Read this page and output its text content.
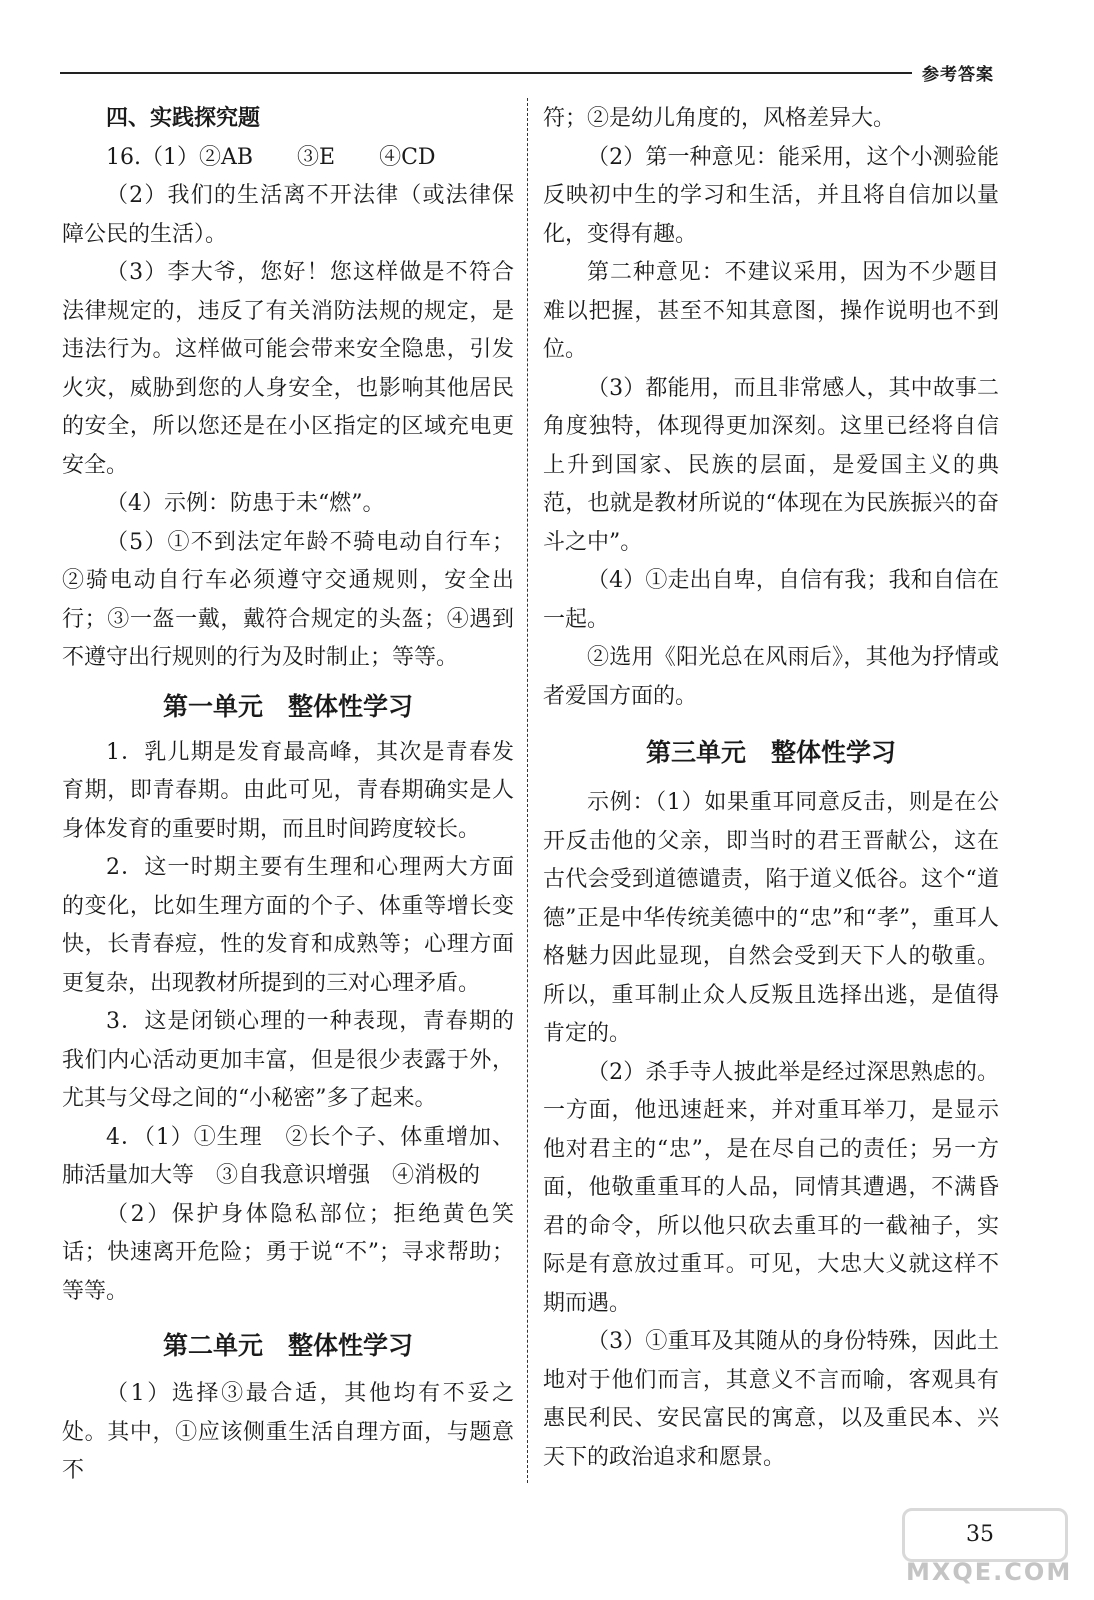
参考答案

四、实践探究题

16.（1）②AB　　③E　　④CD

（2）我们的生活离不开法律（或法律保障公民的生活）。

（3）李大爷，您好！您这样做是不符合法律规定的，违反了有关消防法规的规定，是违法行为。这样做可能会带来安全隐患，引发火灾，威胁到您的人身安全，也影响其他居民的安全，所以您还是在小区指定的区域充电更安全。

（4）示例：防患于未“燃”。

（5）①不到法定年龄不骑电动自行车；②骑电动自行车必须遵守交通规则，安全出行；③一盔一戴，戴符合规定的头盔；④遇到不遵守出行规则的行为及时制止；等等。

第一单元　整体性学习

1．乳儿期是发育最高峰，其次是青春发育期，即青春期。由此可见，青春期确实是人身体发育的重要时期，而且时间跨度较长。

2．这一时期主要有生理和心理两大方面的变化，比如生理方面的个子、体重等增长变快，长青春痘，性的发育和成熟等；心理方面更复杂，出现教材所提到的三对心理矛盾。

3．这是闭锁心理的一种表现，青春期的我们内心活动更加丰富，但是很少表露于外，尤其与父母之间的“小秘密”多了起来。

4．（1）①生理　②长个子、体重增加、肺活量加大等　③自我意识增强　④消极的

（2）保护身体隐私部位；拒绝黄色笑话；快速离开危险；勇于说“不”；寻求帮助；等等。

第二单元　整体性学习

（1）选择③最合适，其他均有不妥之处。其中，①应该侧重生活自理方面，与题意不

符；②是幼儿角度的，风格差异大。

（2）第一种意见：能采用，这个小测验能反映初中生的学习和生活，并且将自信加以量化，变得有趣。

第二种意见：不建议采用，因为不少题目难以把握，甚至不知其意图，操作说明也不到位。

（3）都能用，而且非常感人，其中故事二角度独特，体现得更加深刻。这里已经将自信上升到国家、民族的层面，是爱国主义的典范，也就是教材所说的“体现在为民族振兴的奋斗之中”。

（4）①走出自卑，自信有我；我和自信在一起。

②选用《阳光总在风雨后》，其他为抒情或者爱国方面的。

第三单元　整体性学习

示例：（1）如果重耳同意反击，则是在公开反击他的父亲，即当时的君王晋献公，这在古代会受到道德谴责，陷于道义低谷。这个“道德”正是中华传统美德中的“忠”和“孝”，重耳人格魅力因此显现，自然会受到天下人的敬重。所以，重耳制止众人反叛且选择出逃，是值得肯定的。

（2）杀手寺人披此举是经过深思熟虑的。一方面，他迅速赶来，并对重耳举刀，是显示他对君主的“忠”，是在尽自己的责任；另一方面，他敬重重耳的人品，同情其遭遇，不满昏君的命令，所以他只砍去重耳的一截袖子，实际是有意放过重耳。可见，大忠大义就这样不期而遇。

（3）①重耳及其随从的身份特殊，因此土地对于他们而言，其意义不言而喻，客观具有惠民利民、安民富民的寓意，以及重民本、兴天下的政治追求和愿景。

35
MXQE.COM
